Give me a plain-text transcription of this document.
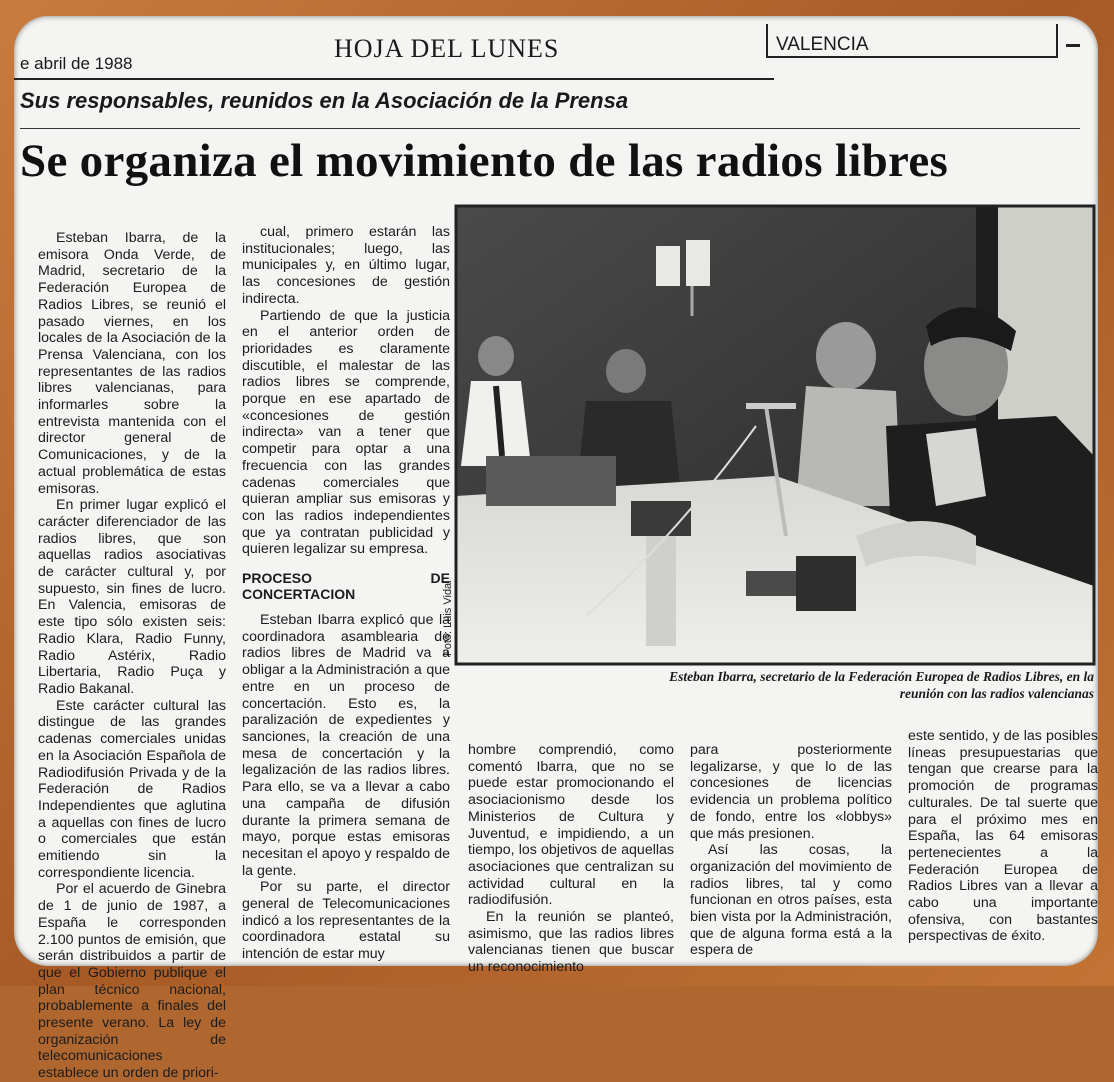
e abril de 1988
HOJA DEL LUNES	VALENCIA
Sus responsables, reunidos en la Asociación de la Prensa
Se organiza el movimiento de las radios libres

Esteban Ibarra, de la emisora Onda Verde, de Madrid, secretario de la Federación Europea de Radios Libres, se reunió el pasado viernes, en los locales de la Asociación de la Prensa Valenciana, con los representantes de las radios libres valencianas, para informarles sobre la entrevista mantenida con el director general de Comunicaciones, y de la actual problemática de estas emisoras.

En primer lugar explicó el carácter diferenciador de las radios libres, que son aquellas radios asociativas de carácter cultural y, por supuesto, sin fines de lucro. En Valencia, emisoras de este tipo sólo existen seis: Radio Klara, Radio Funny, Radio Astérix, Radio Libertaria, Radio Puça y Radio Bakanal.

Este carácter cultural las distingue de las grandes cadenas comerciales unidas en la Asociación Española de Radiodifusión Privada y de la Federación de Radios Independientes que aglutina a aquellas con fines de lucro o comerciales que están emitiendo sin la correspondiente licencia.

Por el acuerdo de Ginebra de 1 de junio de 1987, a España le corresponden 2.100 puntos de emisión, que serán distribuidos a partir de que el Gobierno publique el plan técnico nacional, probablemente a finales del presente verano. La ley de organización de telecomunicaciones establece un orden de priori-

cual, primero estarán las institucionales; luego, las municipales y, en último lugar, las concesiones de gestión indirecta.

Partiendo de que la justicia en el anterior orden de prioridades es claramente discutible, el malestar de las radios libres se comprende, porque en ese apartado de «concesiones de gestión indirecta» van a tener que competir para optar a una frecuencia con las grandes cadenas comerciales que quieran ampliar sus emisoras y con las radios independientes que ya contratan publicidad y quieren legalizar su empresa.

PROCESO DE CONCERTACION

Esteban Ibarra explicó que la coordinadora asamblearia de radios libres de Madrid va a obligar a la Administración a que entre en un proceso de concertación. Esto es, la paralización de expedientes y sanciones, la creación de una mesa de concertación y la legalización de las radios libres. Para ello, se va a llevar a cabo una campaña de difusión durante la primera semana de mayo, porque estas emisoras necesitan el apoyo y respaldo de la gente.

Por su parte, el director general de Telecomunicaciones indicó a los representantes de la coordinadora estatal su intención de estar muy

Foto: Luis Vidal
Esteban Ibarra, secretario de la Federación Europea de Radios Libres, en la reunión con las radios valencianas

hombre comprendió, como comentó Ibarra, que no se puede estar promocionando el asociacionismo desde los Ministerios de Cultura y Juventud, e impidiendo, a un tiempo, los objetivos de aquellas asociaciones que centralizan su actividad cultural en la radiodifusión.

En la reunión se planteó, asimismo, que las radios libres valencianas tienen que buscar un reconocimiento

para posteriormente legalizarse, y que lo de las concesiones de licencias evidencia un problema político de fondo, entre los «lobbys» que más presionen.

Así las cosas, la organización del movimiento de radios libres, tal y como funcionan en otros países, esta bien vista por la Administración, que de alguna forma está a la espera de

este sentido, y de las posibles líneas presupuestarias que tengan que crearse para la promoción de programas culturales. De tal suerte que para el próximo mes en España, las 64 emisoras pertenecientes a la Federación Europea de Radios Libres van a llevar a cabo una importante ofensiva, con bastantes perspectivas de éxito.
